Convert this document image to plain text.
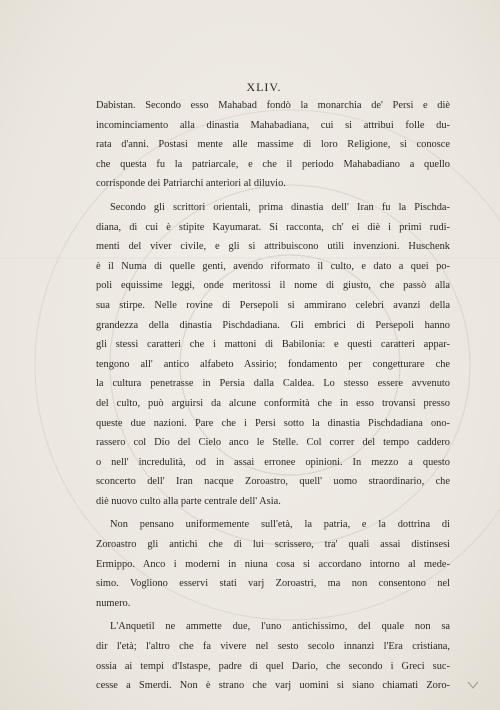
XLIV.
Dabistan. Secondo esso Mahabad fondò la monarchia de' Persi e diè
incominciamento alla dinastia Mahabadiana, cui si attribui folle du-
rata d'anni. Postasi mente alle massime di loro Religione, si conosce
che questa fu la patriarcale, e che il periodo Mahabadiano a quello
corrisponde dei Patriarchi anteriori al diluvio.
Secondo gli scrittori orientali, prima dinastia dell' Iran fu la Pischda-
diana, di cui è stipite Kayumarat. Si racconta, ch' ei diè i primi rudi-
menti del viver civile, e gli si attribuiscono utili invenzioni. Huschenk
è il Numa di quelle genti, avendo riformato il culto, e dato a quei po-
poli equissime leggi, onde meritossi il nome di giusto, che passò alla
sua stirpe. Nelle rovine di Persepoli si ammirano celebri avanzi della
grandezza della dinastia Pischdadiana. Gli embrici di Persepoli hanno
gli stessi caratteri che i mattoni di Babilonia: e questi caratteri appar-
tengono all' antico alfabeto Assirio; fondamento per congetturare che
la cultura penetrasse in Persia dalla Caldea. Lo stesso essere avvenuto
del culto, può arguirsi da alcune conformità che in esso trovansi presso
queste due nazioni. Pare che i Persi sotto la dinastia Pischdadiana ono-
rassero col Dio del Cielo anco le Stelle. Col correr del tempo caddero
o nell' incredulità, od in assai erronee opinioni. In mezzo a questo
sconcerto dell' Iran nacque Zoroastro, quell' uomo straordinario, che
diè nuovo culto alla parte centrale dell' Asia.
Non pensano uniformemente sull'età, la patria, e la dottrina di
Zoroastro gli antichi che di lui scrissero, tra' quali assai distinsesi
Ermippo. Anco i moderni in niuna cosa si accordano intorno al mede-
simo. Vogliono esservi stati varj Zoroastri, ma non consentono nel
numero.
L'Anquetil ne ammette due, l'uno antichissimo, del quale non sa
dir l'età; l'altro che fa vivere nel sesto secolo innanzi l'Era cristiana,
ossia ai tempi d'Istaspe, padre di quel Dario, che secondo i Greci suc-
cesse a Smerdi. Non è strano che varj uomini si siano chiamati Zoro-
